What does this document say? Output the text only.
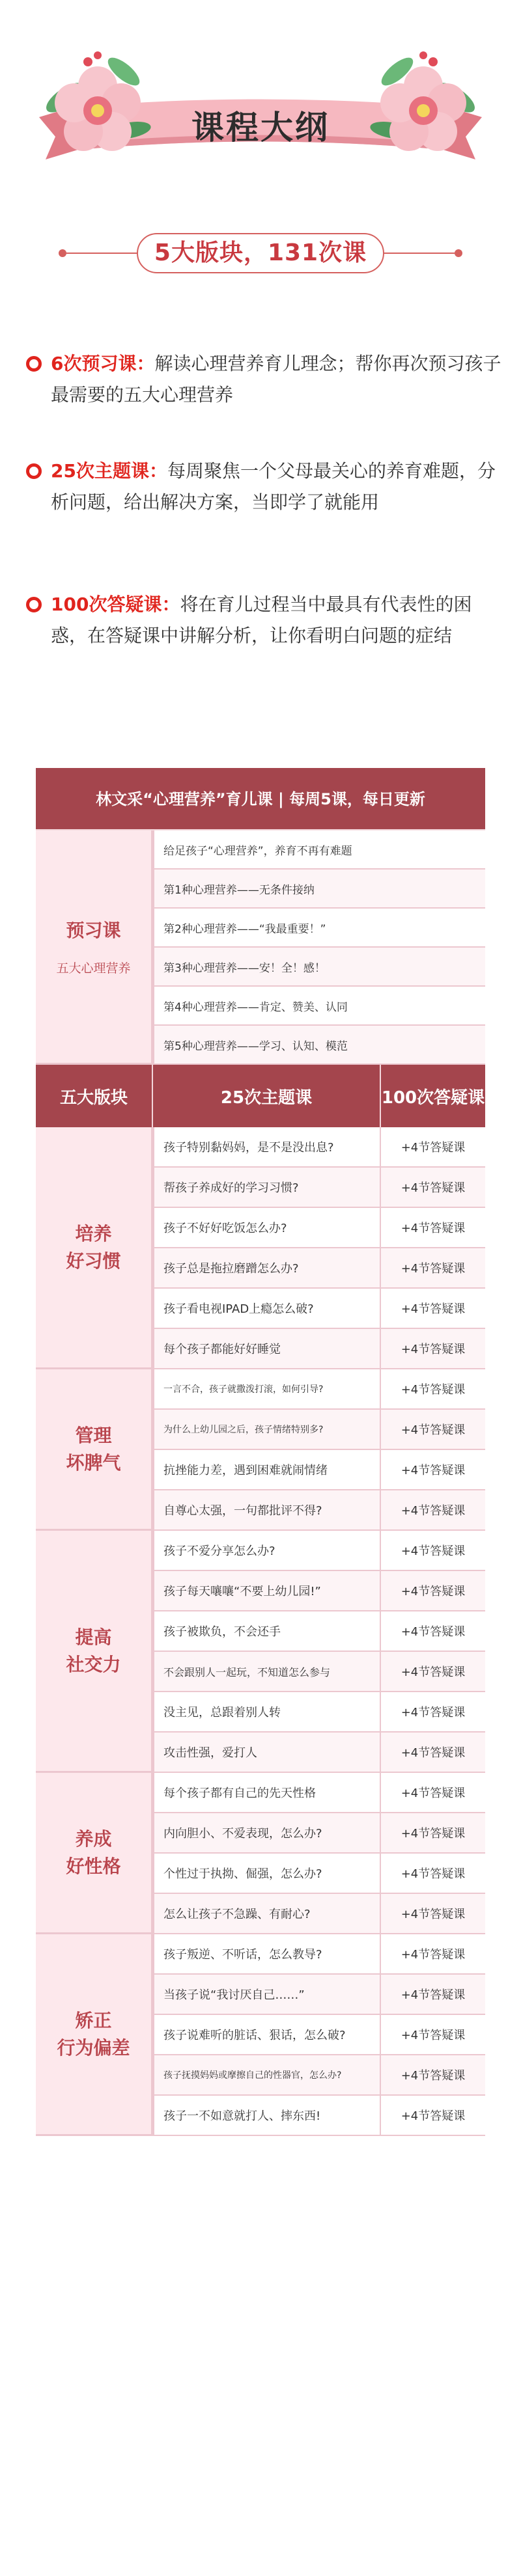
课程大纲
5大版块，131次课
6次预习课：解读心理营养育儿理念；帮你再次预习孩子最需要的五大心理营养
25次主题课：每周聚焦一个父母最关心的养育难题，分析问题，给出解决方案，当即学了就能用
100次答疑课：将在育儿过程当中最具有代表性的困惑，在答疑课中讲解分析，让你看明白问题的症结
林文采“心理营养”育儿课 | 每周5课，每日更新
预习课
五大心理营养
给足孩子“心理营养”，养育不再有难题
第1种心理营养——无条件接纳
第2种心理营养——“我最重要！”
第3种心理营养——安！全！感！
第4种心理营养——肯定、赞美、认同
第5种心理营养——学习、认知、模范
五大版块	25次主题课	100次答疑课
培养
好习惯
孩子特别黏妈妈，是不是没出息?	+4节答疑课
帮孩子养成好的学习习惯?	+4节答疑课
孩子不好好吃饭怎么办?	+4节答疑课
孩子总是拖拉磨蹭怎么办?	+4节答疑课
孩子看电视IPAD上瘾怎么破?	+4节答疑课
每个孩子都能好好睡觉	+4节答疑课
管理
坏脾气
一言不合，孩子就撒泼打滚，如何引导?	+4节答疑课
为什么上幼儿园之后，孩子情绪特别多?	+4节答疑课
抗挫能力差，遇到困难就闹情绪	+4节答疑课
自尊心太强，一句都批评不得?	+4节答疑课
提高
社交力
孩子不爱分享怎么办?	+4节答疑课
孩子每天嚷嚷“不要上幼儿园!”	+4节答疑课
孩子被欺负，不会还手	+4节答疑课
不会跟别人一起玩，不知道怎么参与	+4节答疑课
没主见，总跟着别人转	+4节答疑课
攻击性强，爱打人	+4节答疑课
养成
好性格
每个孩子都有自己的先天性格	+4节答疑课
内向胆小、不爱表现，怎么办?	+4节答疑课
个性过于执拗、倔强，怎么办?	+4节答疑课
怎么让孩子不急躁、有耐心?	+4节答疑课
矫正
行为偏差
孩子叛逆、不听话，怎么教导?	+4节答疑课
当孩子说“我讨厌自己……”	+4节答疑课
孩子说难听的脏话、狠话，怎么破?	+4节答疑课
孩子抚摸妈妈或摩擦自己的性器官，怎么办?	+4节答疑课
孩子一不如意就打人、摔东西!	+4节答疑课
